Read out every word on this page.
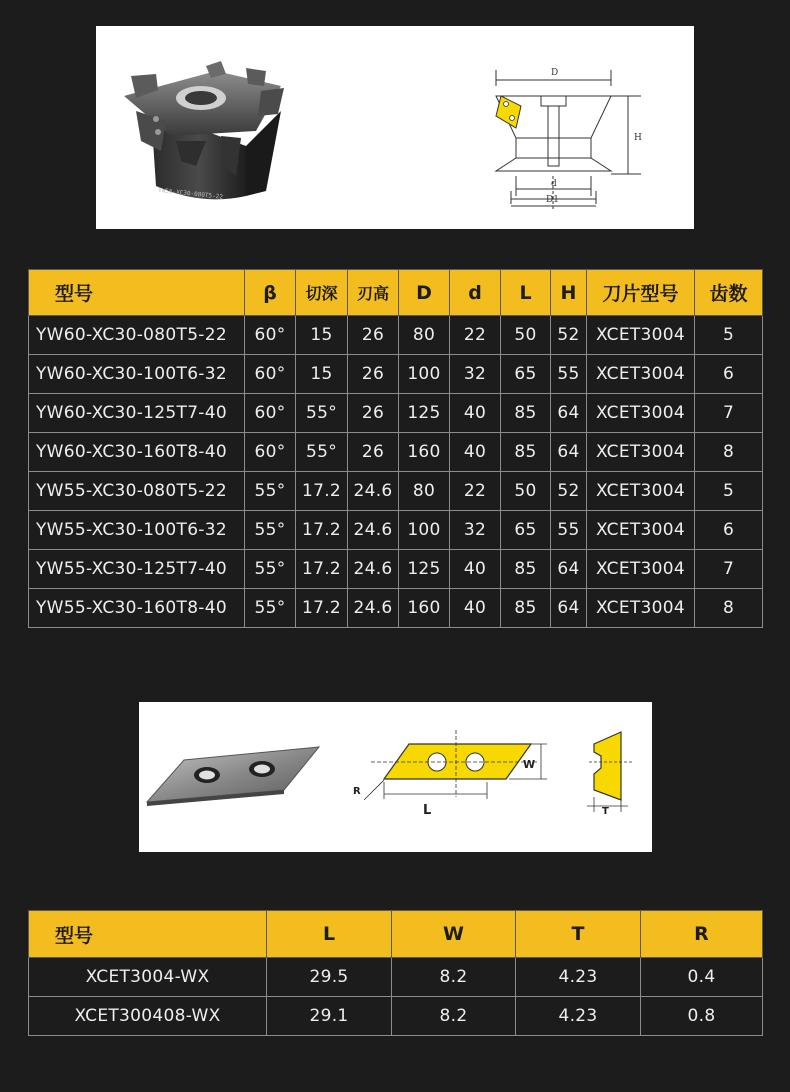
YW55-XC30-080T5-22
D
H
d
D1
型号	β	切深	刃高	D	d	L	H	刀片型号	齿数
YW60-XC30-080T5-22	60°	15	26	80	22	50	52	XCET3004	5
YW60-XC30-100T6-32	60°	15	26	100	32	65	55	XCET3004	6
YW60-XC30-125T7-40	60°	55°	26	125	40	85	64	XCET3004	7
YW60-XC30-160T8-40	60°	55°	26	160	40	85	64	XCET3004	8
YW55-XC30-080T5-22	55°	17.2	24.6	80	22	50	52	XCET3004	5
YW55-XC30-100T6-32	55°	17.2	24.6	100	32	65	55	XCET3004	6
YW55-XC30-125T7-40	55°	17.2	24.6	125	40	85	64	XCET3004	7
YW55-XC30-160T8-40	55°	17.2	24.6	160	40	85	64	XCET3004	8
W
L
R
T
型号	L	W	T	R
XCET3004-WX	29.5	8.2	4.23	0.4
XCET300408-WX	29.1	8.2	4.23	0.8
